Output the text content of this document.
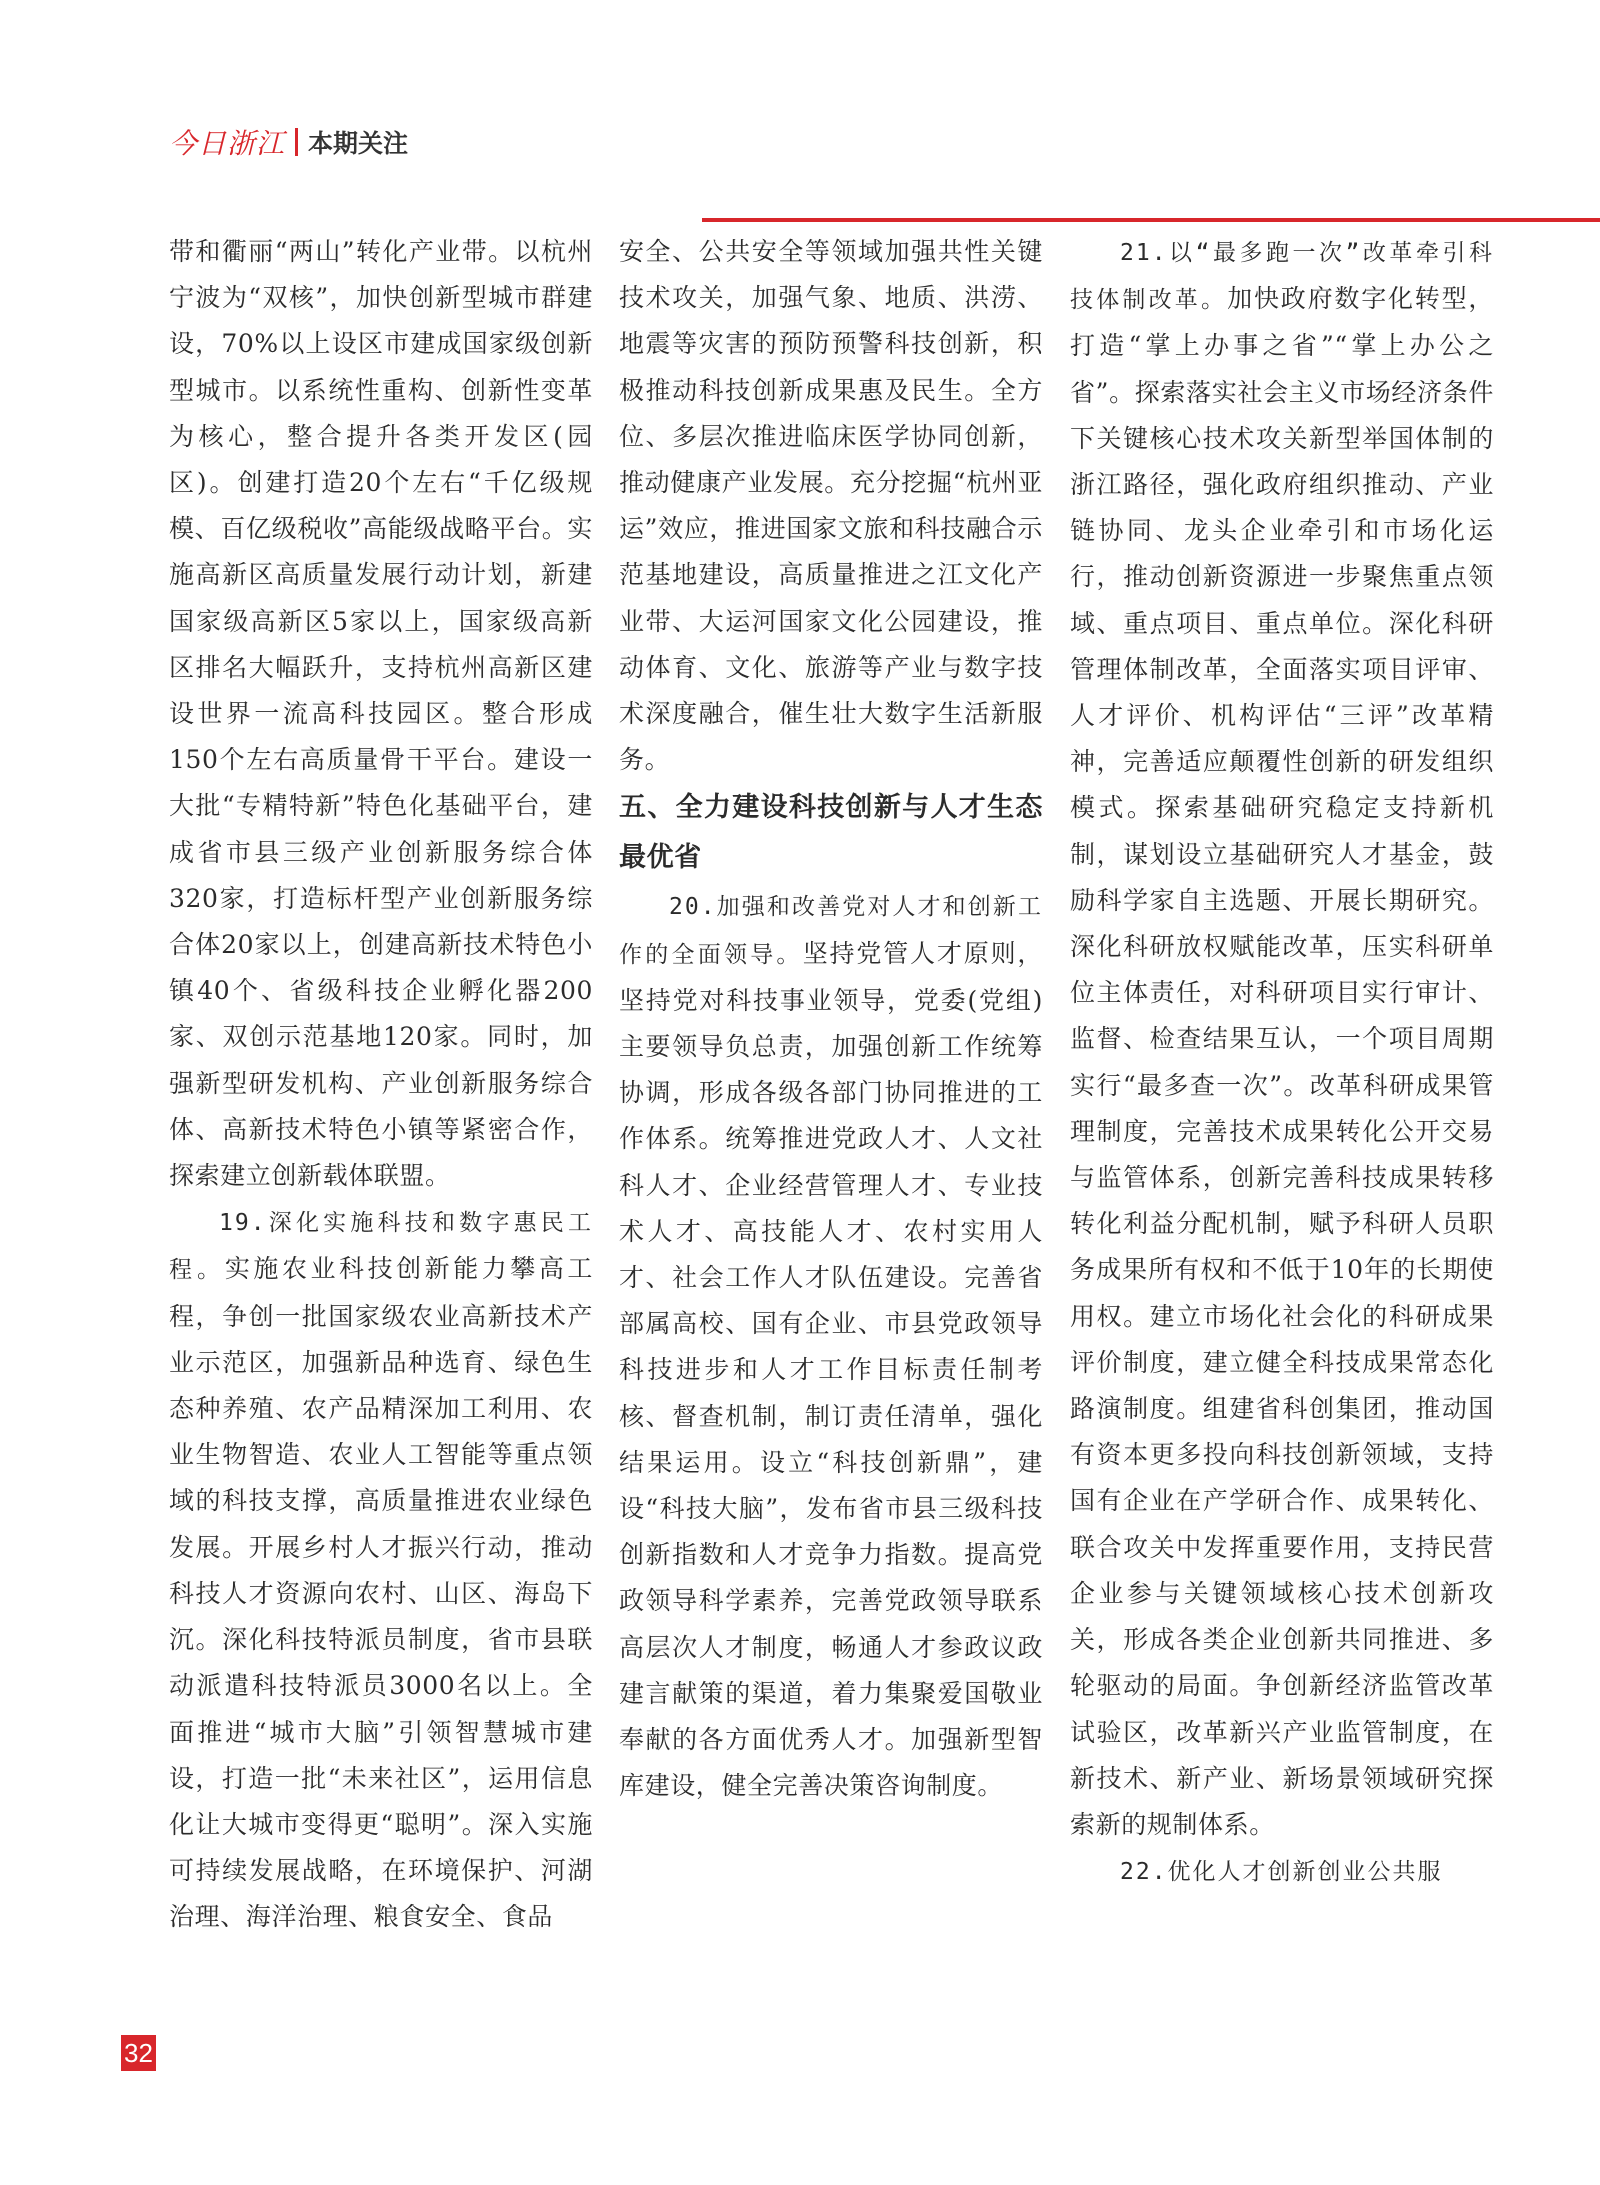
今日浙江 本期关注

带和衢丽“两山”转化产业带。以杭州宁波为“双核”，加快创新型城市群建设，70%以上设区市建成国家级创新型城市。以系统性重构、创新性变革为核心，整合提升各类开发区(园区)。创建打造20个左右“千亿级规模、百亿级税收”高能级战略平台。实施高新区高质量发展行动计划，新建国家级高新区5家以上，国家级高新区排名大幅跃升，支持杭州高新区建设世界一流高科技园区。整合形成150个左右高质量骨干平台。建设一大批“专精特新”特色化基础平台，建成省市县三级产业创新服务综合体320家，打造标杆型产业创新服务综合体20家以上，创建高新技术特色小镇40个、省级科技企业孵化器200家、双创示范基地120家。同时，加强新型研发机构、产业创新服务综合体、高新技术特色小镇等紧密合作，探索建立创新载体联盟。

19.深化实施科技和数字惠民工程。实施农业科技创新能力攀高工程，争创一批国家级农业高新技术产业示范区，加强新品种选育、绿色生态种养殖、农产品精深加工利用、农业生物智造、农业人工智能等重点领域的科技支撑，高质量推进农业绿色发展。开展乡村人才振兴行动，推动科技人才资源向农村、山区、海岛下沉。深化科技特派员制度，省市县联动派遣科技特派员3000名以上。全面推进“城市大脑”引领智慧城市建设，打造一批“未来社区”，运用信息化让大城市变得更“聪明”。深入实施可持续发展战略，在环境保护、河湖治理、海洋治理、粮食安全、食品

安全、公共安全等领域加强共性关键技术攻关，加强气象、地质、洪涝、地震等灾害的预防预警科技创新，积极推动科技创新成果惠及民生。全方位、多层次推进临床医学协同创新，推动健康产业发展。充分挖掘“杭州亚运”效应，推进国家文旅和科技融合示范基地建设，高质量推进之江文化产业带、大运河国家文化公园建设，推动体育、文化、旅游等产业与数字技术深度融合，催生壮大数字生活新服务。

五、全力建设科技创新与人才生态最优省

20.加强和改善党对人才和创新工作的全面领导。坚持党管人才原则，坚持党对科技事业领导，党委(党组)主要领导负总责，加强创新工作统筹协调，形成各级各部门协同推进的工作体系。统筹推进党政人才、人文社科人才、企业经营管理人才、专业技术人才、高技能人才、农村实用人才、社会工作人才队伍建设。完善省部属高校、国有企业、市县党政领导科技进步和人才工作目标责任制考核、督查机制，制订责任清单，强化结果运用。设立“科技创新鼎”，建设“科技大脑”，发布省市县三级科技创新指数和人才竞争力指数。提高党政领导科学素养，完善党政领导联系高层次人才制度，畅通人才参政议政建言献策的渠道，着力集聚爱国敬业奉献的各方面优秀人才。加强新型智库建设，健全完善决策咨询制度。

21.以“最多跑一次”改革牵引科技体制改革。加快政府数字化转型，打造“掌上办事之省”“掌上办公之省”。探索落实社会主义市场经济条件下关键核心技术攻关新型举国体制的浙江路径，强化政府组织推动、产业链协同、龙头企业牵引和市场化运行，推动创新资源进一步聚焦重点领域、重点项目、重点单位。深化科研管理体制改革，全面落实项目评审、人才评价、机构评估“三评”改革精神，完善适应颠覆性创新的研发组织模式。探索基础研究稳定支持新机制，谋划设立基础研究人才基金，鼓励科学家自主选题、开展长期研究。深化科研放权赋能改革，压实科研单位主体责任，对科研项目实行审计、监督、检查结果互认，一个项目周期实行“最多查一次”。改革科研成果管理制度，完善技术成果转化公开交易与监管体系，创新完善科技成果转移转化利益分配机制，赋予科研人员职务成果所有权和不低于10年的长期使用权。建立市场化社会化的科研成果评价制度，建立健全科技成果常态化路演制度。组建省科创集团，推动国有资本更多投向科技创新领域，支持国有企业在产学研合作、成果转化、联合攻关中发挥重要作用，支持民营企业参与关键领域核心技术创新攻关，形成各类企业创新共同推进、多轮驱动的局面。争创新经济监管改革试验区，改革新兴产业监管制度，在新技术、新产业、新场景领域研究探索新的规制体系。

22.优化人才创新创业公共服

32
